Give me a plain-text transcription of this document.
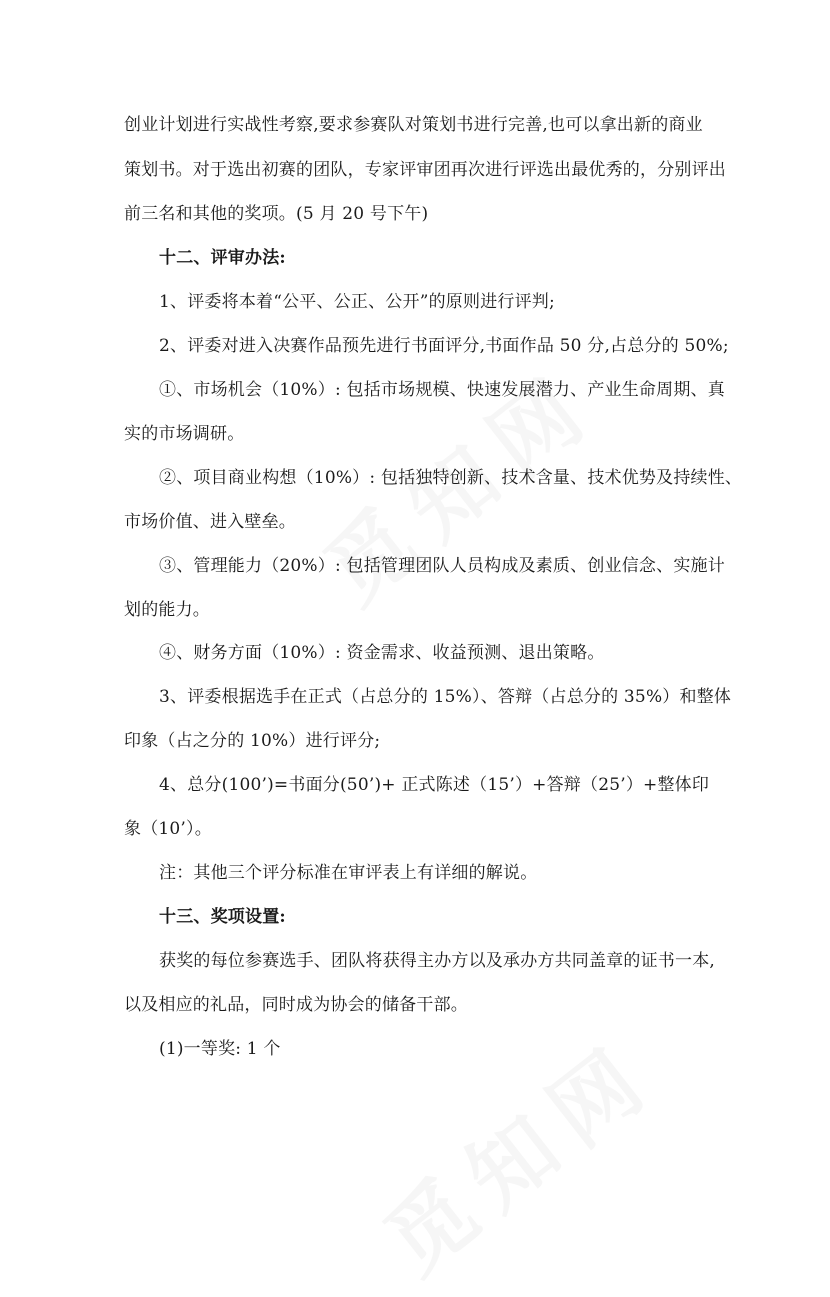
创业计划进行实战性考察,要求参赛队对策划书进行完善,也可以拿出新的商业
策划书。对于选出初赛的团队，专家评审团再次进行评选出最优秀的，分别评出
前三名和其他的奖项。(5 月 20 号下午)
十二、评审办法:
1、评委将本着“公平、公正、公开”的原则进行评判;
2、评委对进入决赛作品预先进行书面评分,书面作品 50 分,占总分的 50%;
①、市场机会（10%）: 包括市场规模、快速发展潜力、产业生命周期、真
实的市场调研。
②、项目商业构想（10%）: 包括独特创新、技术含量、技术优势及持续性、
市场价值、进入壁垒。
③、管理能力（20%）: 包括管理团队人员构成及素质、创业信念、实施计
划的能力。
④、财务方面（10%）: 资金需求、收益预测、退出策略。
3、评委根据选手在正式（占总分的 15%）、答辩（占总分的 35%）和整体
印象（占之分的 10%）进行评分;
4、总分(100’)=书面分(50’)+ 正式陈述（15’）+答辩（25’）+整体印
象（10’）。
注：其他三个评分标准在审评表上有详细的解说。
十三、奖项设置:
获奖的每位参赛选手、团队将获得主办方以及承办方共同盖章的证书一本,
以及相应的礼品，同时成为协会的储备干部。
(1)一等奖: 1 个
